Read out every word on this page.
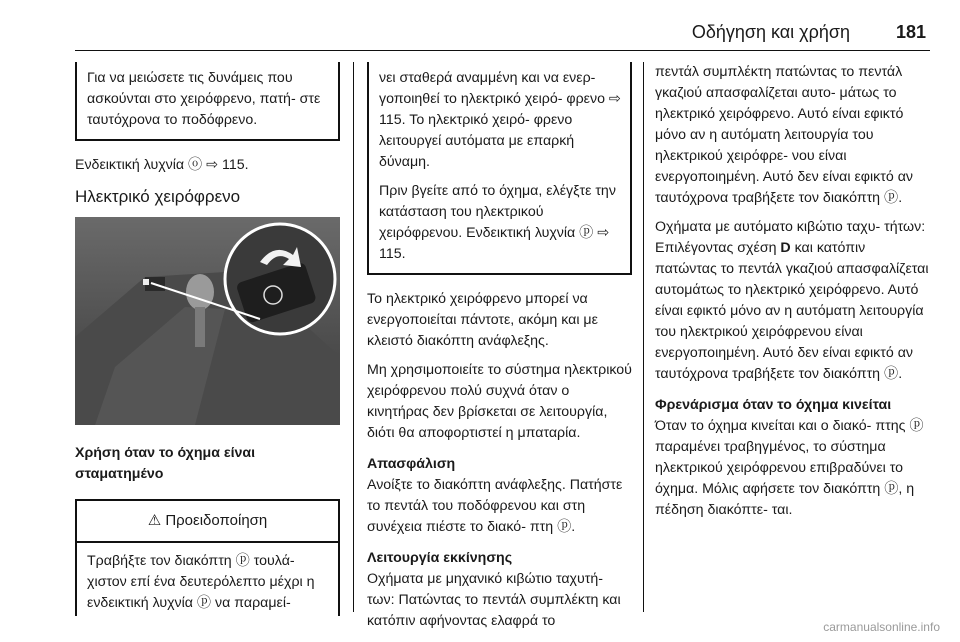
Οδήγηση και χρήση	181

Για να μειώσετε τις δυνάμεις που ασκούνται στο χειρόφρενο, πατή- στε ταυτόχρονα το ποδόφρενο.

Ενδεικτική λυχνία ⓞ ⇨ 115.

Ηλεκτρικό χειρόφρενο

Χρήση όταν το όχημα είναι σταματημένο

⚠ Προειδοποίηση

Τραβήξτε τον διακόπτη ⓟ τουλά- χιστον επί ένα δευτερόλεπτο μέχρι η ενδεικτική λυχνία ⓟ να παραμεί-

νει σταθερά αναμμένη και να ενερ- γοποιηθεί το ηλεκτρικό χειρό- φρενο ⇨ 115. Το ηλεκτρικό χειρό- φρενο λειτουργεί αυτόματα με επαρκή δύναμη.

Πριν βγείτε από το όχημα, ελέγξτε την κατάσταση του ηλεκτρικού χειρόφρενου. Ενδεικτική λυχνία ⓟ ⇨ 115.

Το ηλεκτρικό χειρόφρενο μπορεί να ενεργοποιείται πάντοτε, ακόμη και με κλειστό διακόπτη ανάφλεξης.

Μη χρησιμοποιείτε το σύστημα ηλεκτρικού χειρόφρενου πολύ συχνά όταν ο κινητήρας δεν βρίσκεται σε λειτουργία, διότι θα αποφορτιστεί η μπαταρία.

Απασφάλιση

Ανοίξτε το διακόπτη ανάφλεξης. Πατήστε το πεντάλ του ποδόφρενου και στη συνέχεια πιέστε το διακό- πτη ⓟ.

Λειτουργία εκκίνησης

Οχήματα με μηχανικό κιβώτιο ταχυτή- των: Πατώντας το πεντάλ συμπλέκτη και κατόπιν αφήνοντας ελαφρά το

πεντάλ συμπλέκτη πατώντας το πεντάλ γκαζιού απασφαλίζεται αυτο- μάτως το ηλεκτρικό χειρόφρενο. Αυτό είναι εφικτό μόνο αν η αυτόματη λειτουργία του ηλεκτρικού χειρόφρε- νου είναι ενεργοποιημένη. Αυτό δεν είναι εφικτό αν ταυτόχρονα τραβήξετε τον διακόπτη ⓟ.

Οχήματα με αυτόματο κιβώτιο ταχυ- τήτων: Επιλέγοντας σχέση D και κατόπιν πατώντας το πεντάλ γκαζιού απασφαλίζεται αυτομάτως το ηλεκτρικό χειρόφρενο. Αυτό είναι εφικτό μόνο αν η αυτόματη λειτουργία του ηλεκτρικού χειρόφρενου είναι ενεργοποιημένη. Αυτό δεν είναι εφικτό αν ταυτόχρονα τραβήξετε τον διακόπτη ⓟ.

Φρενάρισμα όταν το όχημα κινείται

Όταν το όχημα κινείται και ο διακό- πτης ⓟ παραμένει τραβηγμένος, το σύστημα ηλεκτρικού χειρόφρενου επιβραδύνει το όχημα. Μόλις αφήσετε τον διακόπτη ⓟ, η πέδηση διακόπτε- ται.

carmanualsonline.info
